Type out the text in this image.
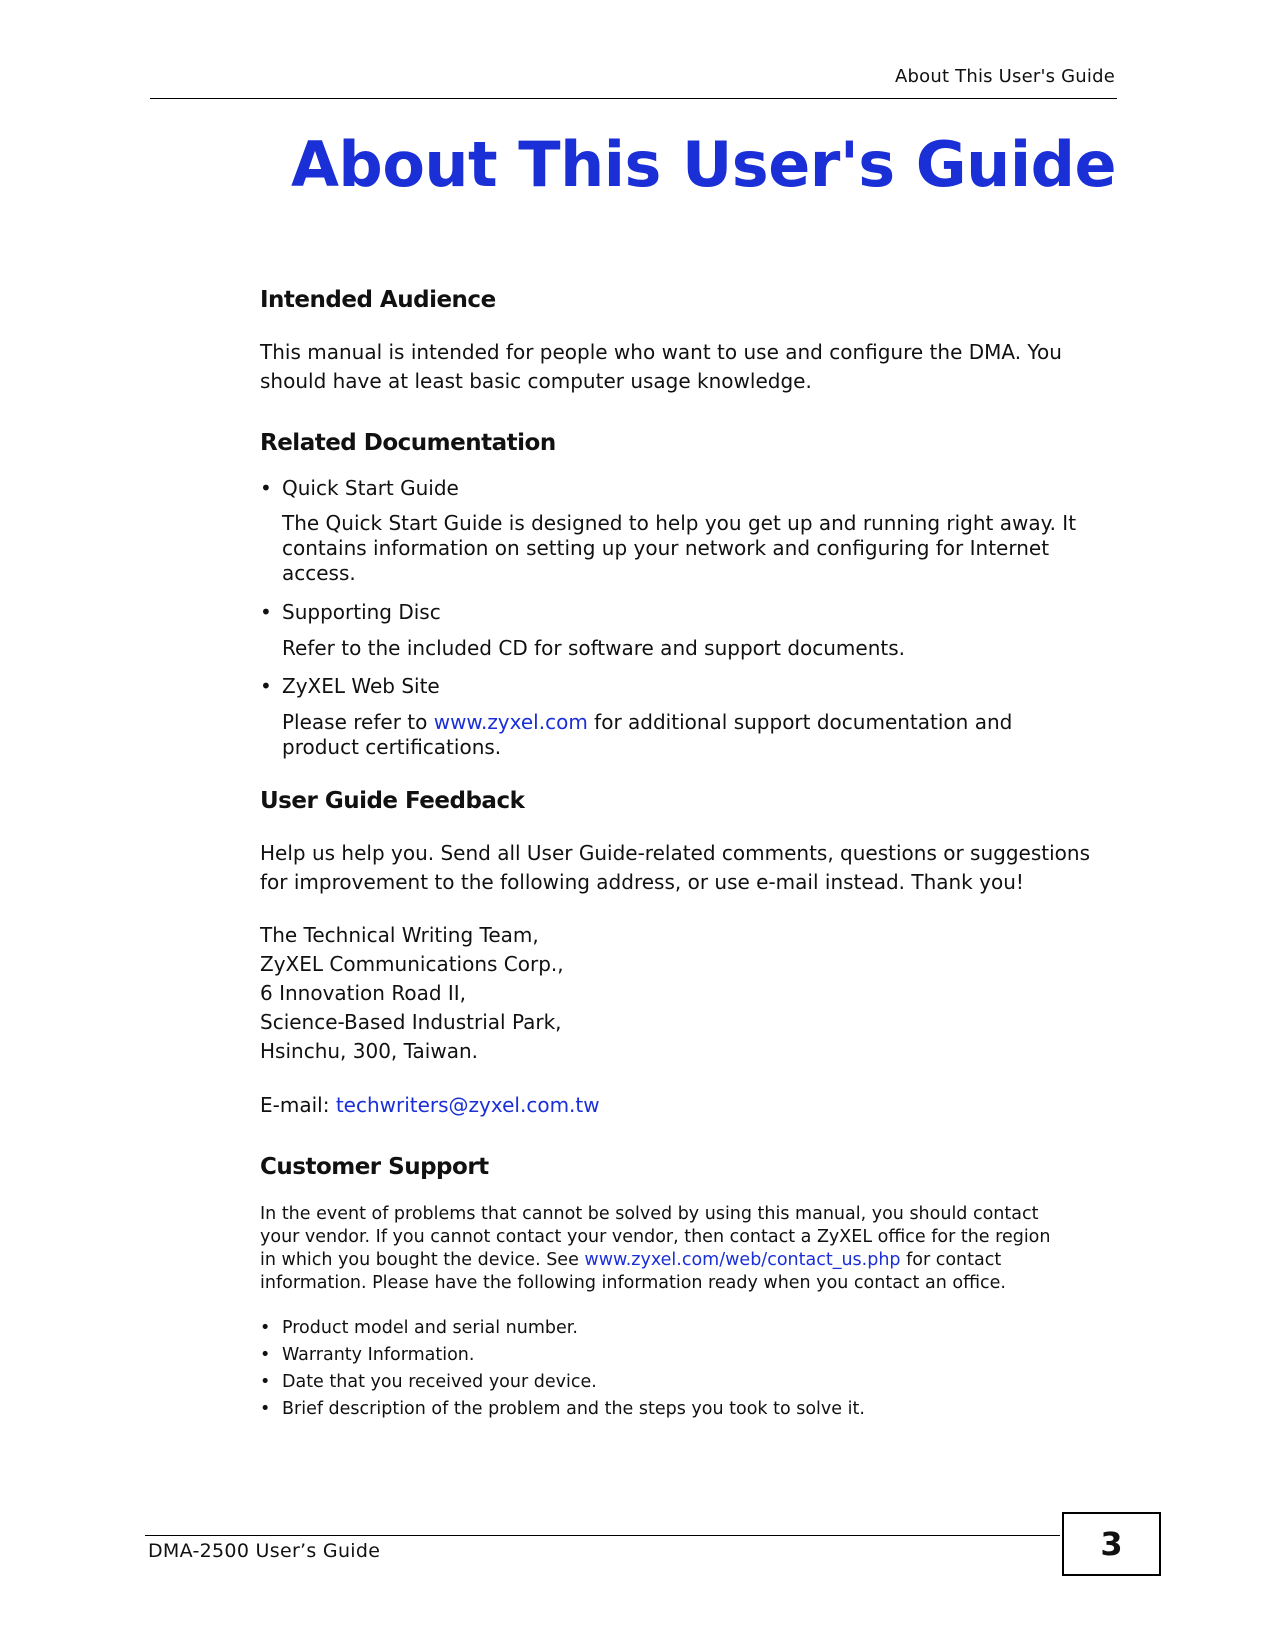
About This User's Guide
About This User's Guide
Intended Audience

This manual is intended for people who want to use and configure the DMA. You

should have at least basic computer usage knowledge.

Related Documentation
• Quick Start Guide

The Quick Start Guide is designed to help you get up and running right away. It

contains information on setting up your network and configuring for Internet

access.

• Supporting Disc

Refer to the included CD for software and support documents.

• ZyXEL Web Site

Please refer to www.zyxel.com for additional support documentation and

product certifications.

User Guide Feedback

Help us help you. Send all User Guide-related comments, questions or suggestions

for improvement to the following address, or use e-mail instead. Thank you!

The Technical Writing Team,

ZyXEL Communications Corp.,

6 Innovation Road II,

Science-Based Industrial Park,

Hsinchu, 300, Taiwan.

E-mail: techwriters@zyxel.com.tw

Customer Support

In the event of problems that cannot be solved by using this manual, you should contact

your vendor. If you cannot contact your vendor, then contact a ZyXEL office for the region

in which you bought the device. See www.zyxel.com/web/contact_us.php for contact

information. Please have the following information ready when you contact an office.

• Product model and serial number.
• Warranty Information.
• Date that you received your device.
• Brief description of the problem and the steps you took to solve it.
DMA-2500 User’s Guide	3
